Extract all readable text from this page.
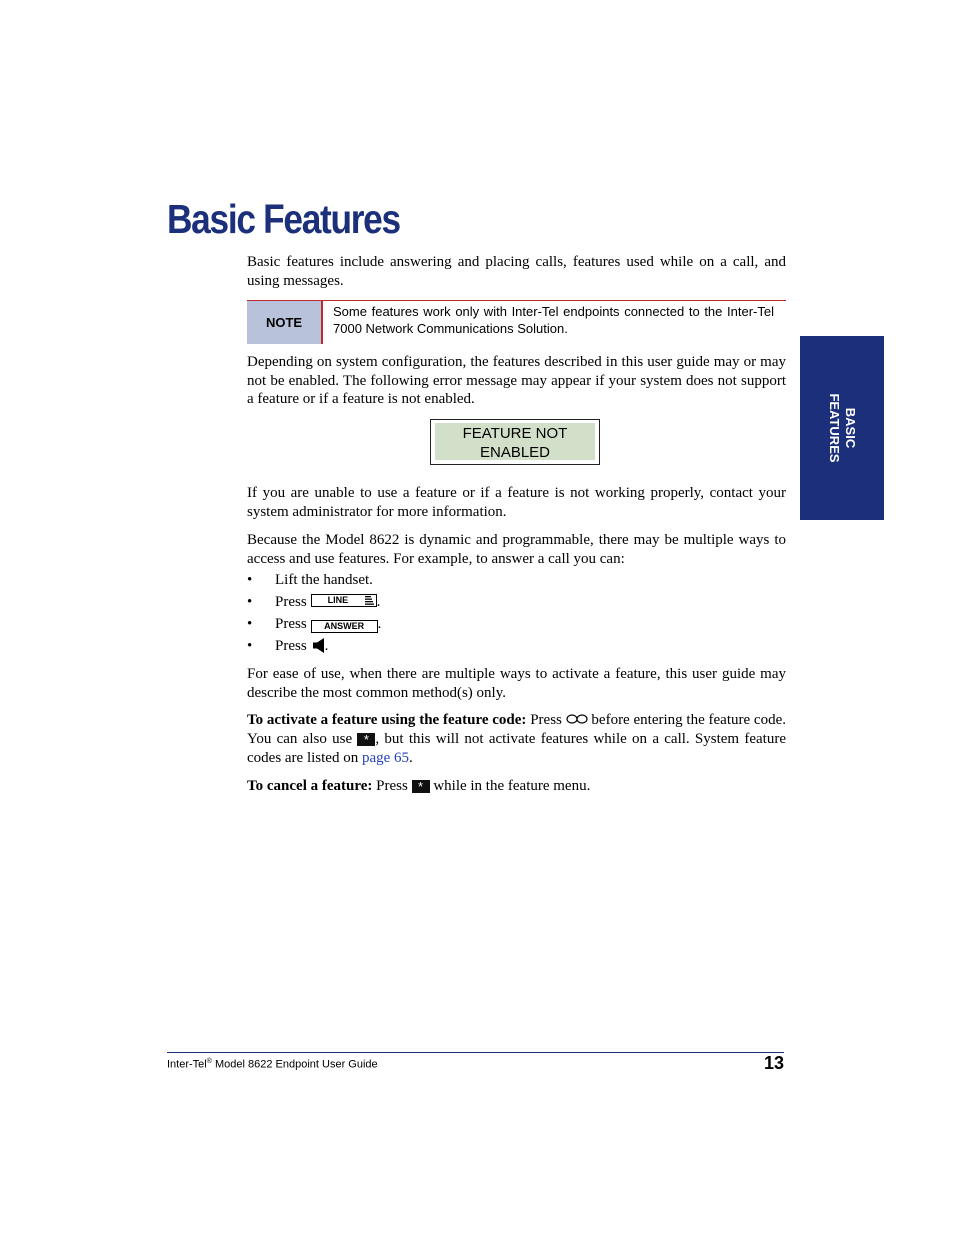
Basic Features

Basic features include answering and placing calls, features used while on a call, and using messages.

NOTE
Some features work only with Inter-Tel endpoints connected to the Inter-Tel 7000 Network Communications Solution.

Depending on system configuration, the features described in this user guide may or may not be enabled. The following error message may appear if your system does not support a feature or if a feature is not enabled.

FEATURE NOT
ENABLED

If you are unable to use a feature or if a feature is not working properly, contact your system administrator for more information.

Because the Model 8622 is dynamic and programmable, there may be multiple ways to access and use features. For example, to answer a call you can:

• Lift the handset.
• Press LINE .
• Press ANSWER .
• Press .

For ease of use, when there are multiple ways to activate a feature, this user guide may describe the most common method(s) only.

To activate a feature using the feature code: Press  before entering the feature code. You can also use * , but this will not activate features while on a call. System feature codes are listed on page 65.

To cancel a feature: Press * while in the feature menu.

BASIC
FEATURES
Inter-Tel® Model 8622 Endpoint User Guide	13
